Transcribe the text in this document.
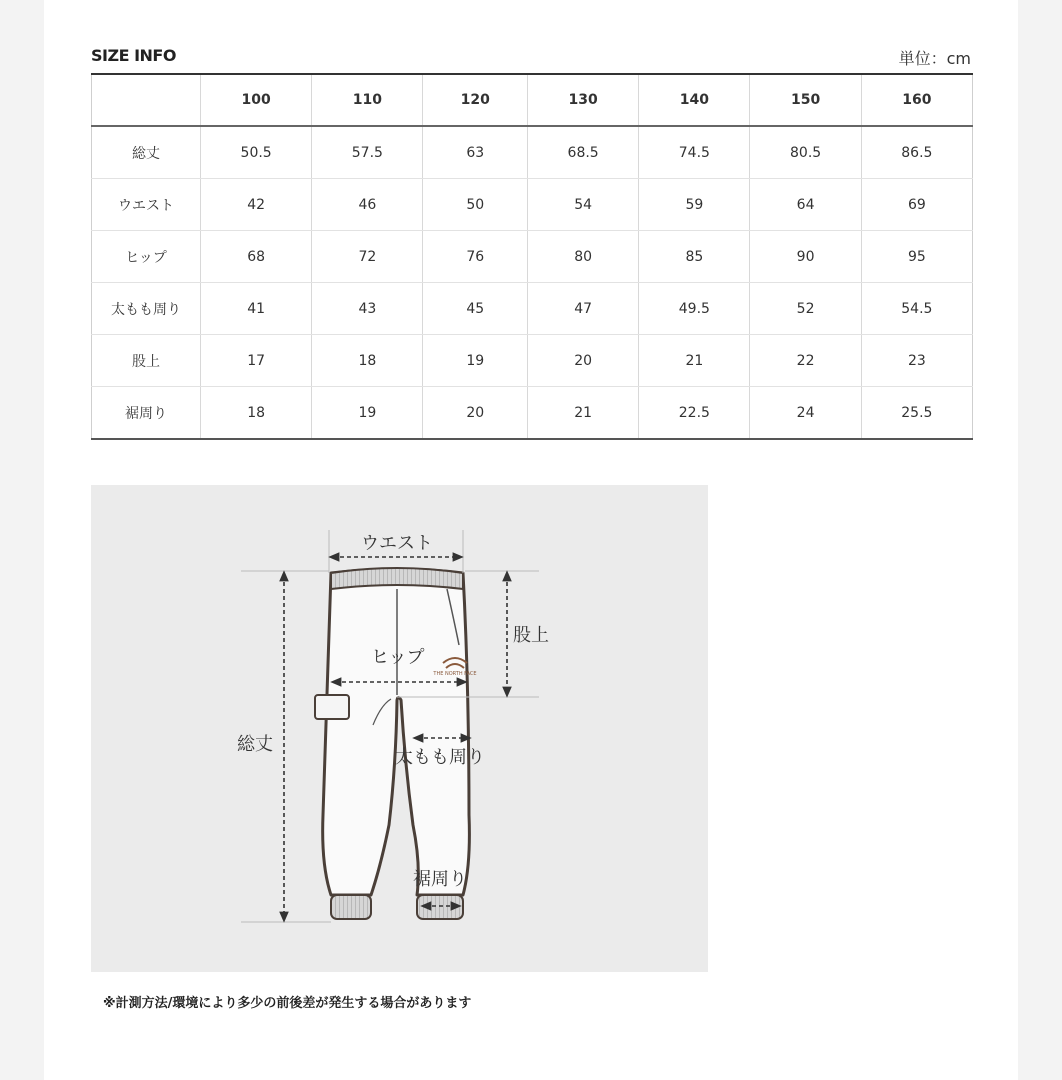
SIZE INFO	単位：cm
	100	110	120	130	140	150	160
総丈	50.5	57.5	63	68.5	74.5	80.5	86.5
ウエスト	42	46	50	54	59	64	69
ヒップ	68	72	76	80	85	90	95
太もも周り	41	43	45	47	49.5	52	54.5
股上	17	18	19	20	21	22	23
裾周り	18	19	20	21	22.5	24	25.5
THE NORTH FACE
ウエスト
股上
ヒップ
総丈
太もも周り
裾周り
※計測方法/環境により多少の前後差が発生する場合があります
